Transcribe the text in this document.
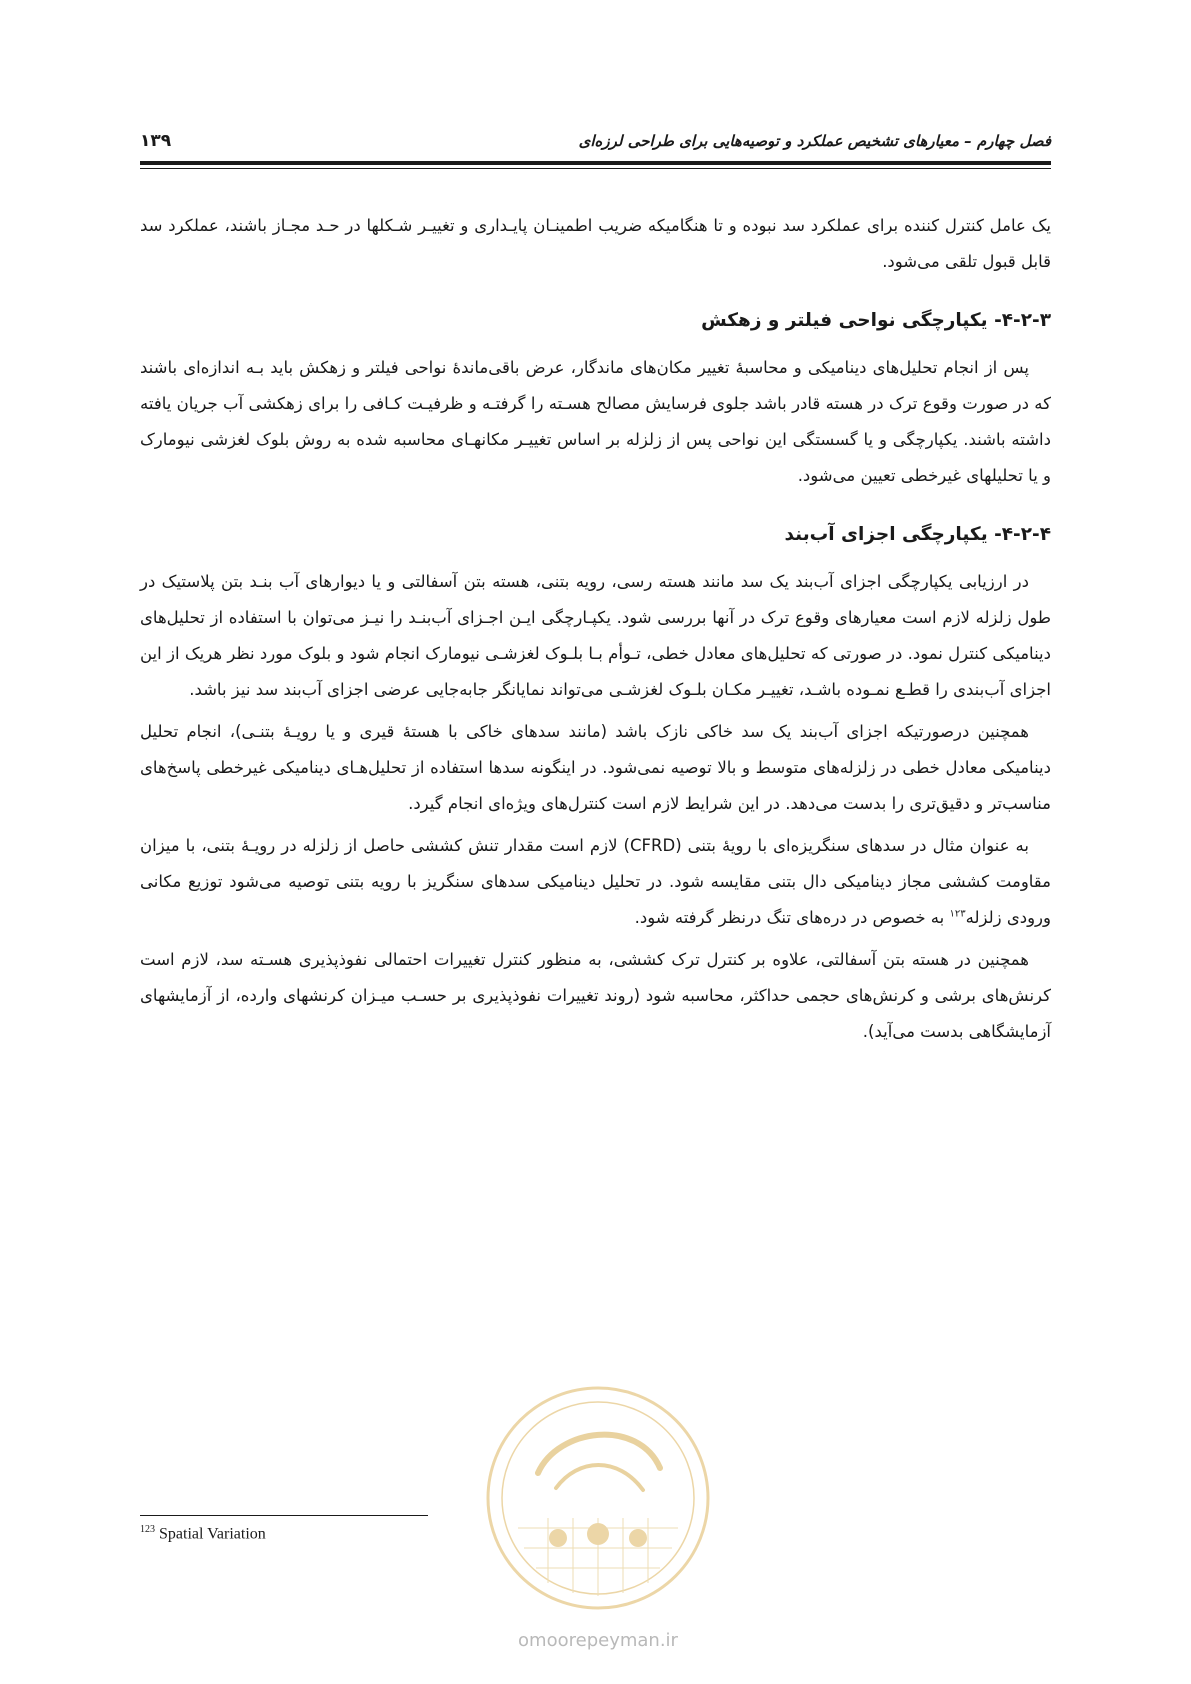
فصل چهارم – معیارهای تشخیص عملکرد و توصیه‌هایی برای طراحی لرزه‌ای
۱۳۹

یک عامل کنترل کننده برای عملکرد سد نبوده و تا هنگامیکه ضریب اطمینـان پایـداری و تغییـر شـکلها در حـد مجـاز باشند، عملکرد سد قابل قبول تلقی می‌شود.

۴-۲-۳- یکپارچگی نواحی فیلتر و زهکش

پس از انجام تحلیل‌های دینامیکی و محاسبهٔ تغییر مکان‌های ماندگار، عرض باقی‌ماندهٔ نواحی فیلتر و زهکش باید بـه اندازه‌ای باشند که در صورت وقوع ترک در هسته قادر باشد جلوی فرسایش مصالح هسـته را گرفتـه و ظرفیـت کـافی را برای زهکشی آب جریان یافته داشته باشند. یکپارچگی و یا گسستگی این نواحی پس از زلزله بر اساس تغییـر مکانهـای محاسبه شده به روش بلوک لغزشی نیومارک و یا تحلیلهای غیرخطی تعیین می‌شود.

۴-۲-۴- یکپارچگی اجزای آب‌بند

در ارزیابی یکپارچگی اجزای آب‌بند یک سد مانند هسته رسی، رویه بتنی، هسته بتن آسفالتی و یا دیوارهای آب بنـد بتن پلاستیک در طول زلزله لازم است معیارهای وقوع ترک در آنها بررسی شود. یکپـارچگی ایـن اجـزای آب‌بنـد را نیـز می‌توان با استفاده از تحلیل‌های دینامیکی کنترل نمود. در صورتی که تحلیل‌های معادل خطی، تـوأم بـا بلـوک لغزشـی نیومارک انجام شود و بلوک مورد نظر هریک از این اجزای آب‌بندی را قطـع نمـوده باشـد، تغییـر مکـان بلـوک لغزشـی می‌تواند نمایانگر جابه‌جایی عرضی اجزای آب‌بند سد نیز باشد.

همچنین درصورتیکه اجزای آب‌بند یک سد خاکی نازک باشد (مانند سدهای خاکی با هستهٔ قیری و یا رویـهٔ بتنـی)، انجام تحلیل دینامیکی معادل خطی در زلزله‌های متوسط و بالا توصیه نمی‌شود. در اینگونه سدها استفاده از تحلیل‌هـای دینامیکی غیرخطی پاسخ‌های مناسب‌تر و دقیق‌تری را بدست می‌دهد. در این شرایط لازم است کنترل‌های ویژه‌ای انجام گیرد.

به عنوان مثال در سدهای سنگریزه‌ای با رویهٔ بتنی (CFRD) لازم است مقدار تنش کششی حاصل از زلزله در رویـهٔ بتنی، با میزان مقاومت کششی مجاز دینامیکی دال بتنی مقایسه شود. در تحلیل دینامیکی سدهای سنگریز با رویه بتنی توصیه می‌شود توزیع مکانی ورودی زلزله$^{۱۲۳}$ به خصوص در دره‌های تنگ درنظر گرفته شود.

همچنین در هسته بتن آسفالتی، علاوه بر کنترل ترک کششی، به منظور کنترل تغییرات احتمالی نفوذپذیری هسـته سد، لازم است کرنش‌های برشی و کرنش‌های حجمی حداکثر، محاسبه شود (روند تغییرات نفوذپذیری بر حسـب میـزان کرنشهای وارده، از آزمایشهای آزمایشگاهی بدست می‌آید).

$^{123}$ Spatial Variation
omoorepeyman.ir
